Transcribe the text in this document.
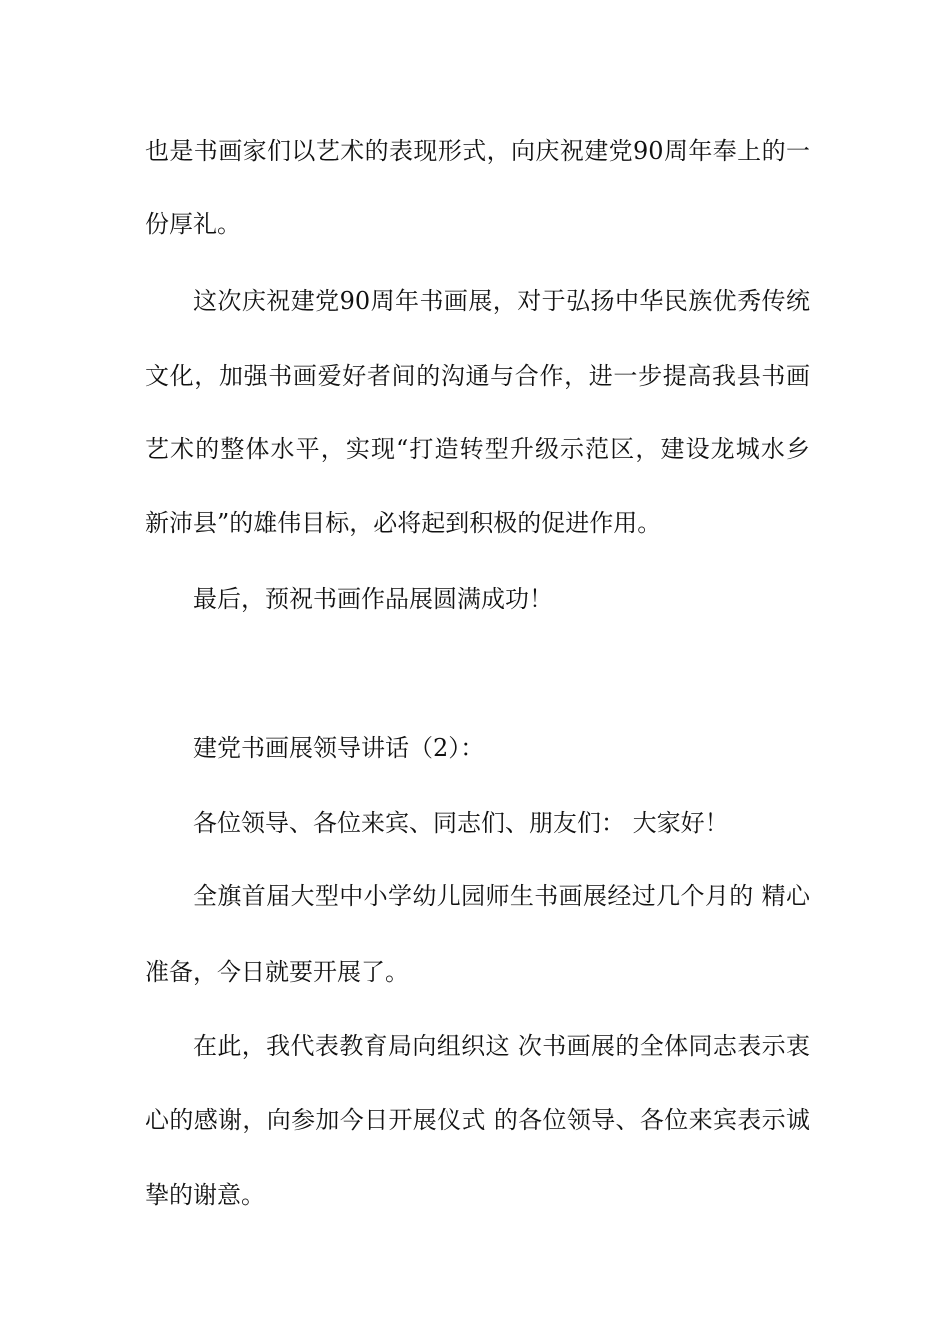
也是书画家们以艺术的表现形式，向庆祝建党90周年奉上的一
份厚礼。
这次庆祝建党90周年书画展，对于弘扬中华民族优秀传统
文化，加强书画爱好者间的沟通与合作，进一步提高我县书画
艺术的整体水平，实现“打造转型升级示范区，建设龙城水乡
新沛县”的雄伟目标，必将起到积极的促进作用。
最后，预祝书画作品展圆满成功！
建党书画展领导讲话（2）：
各位领导、各位来宾、同志们、朋友们： 大家好！
全旗首届大型中小学幼儿园师生书画展经过几个月的 精心
准备，今日就要开展了。
在此，我代表教育局向组织这 次书画展的全体同志表示衷
心的感谢，向参加今日开展仪式 的各位领导、各位来宾表示诚
挚的谢意。
